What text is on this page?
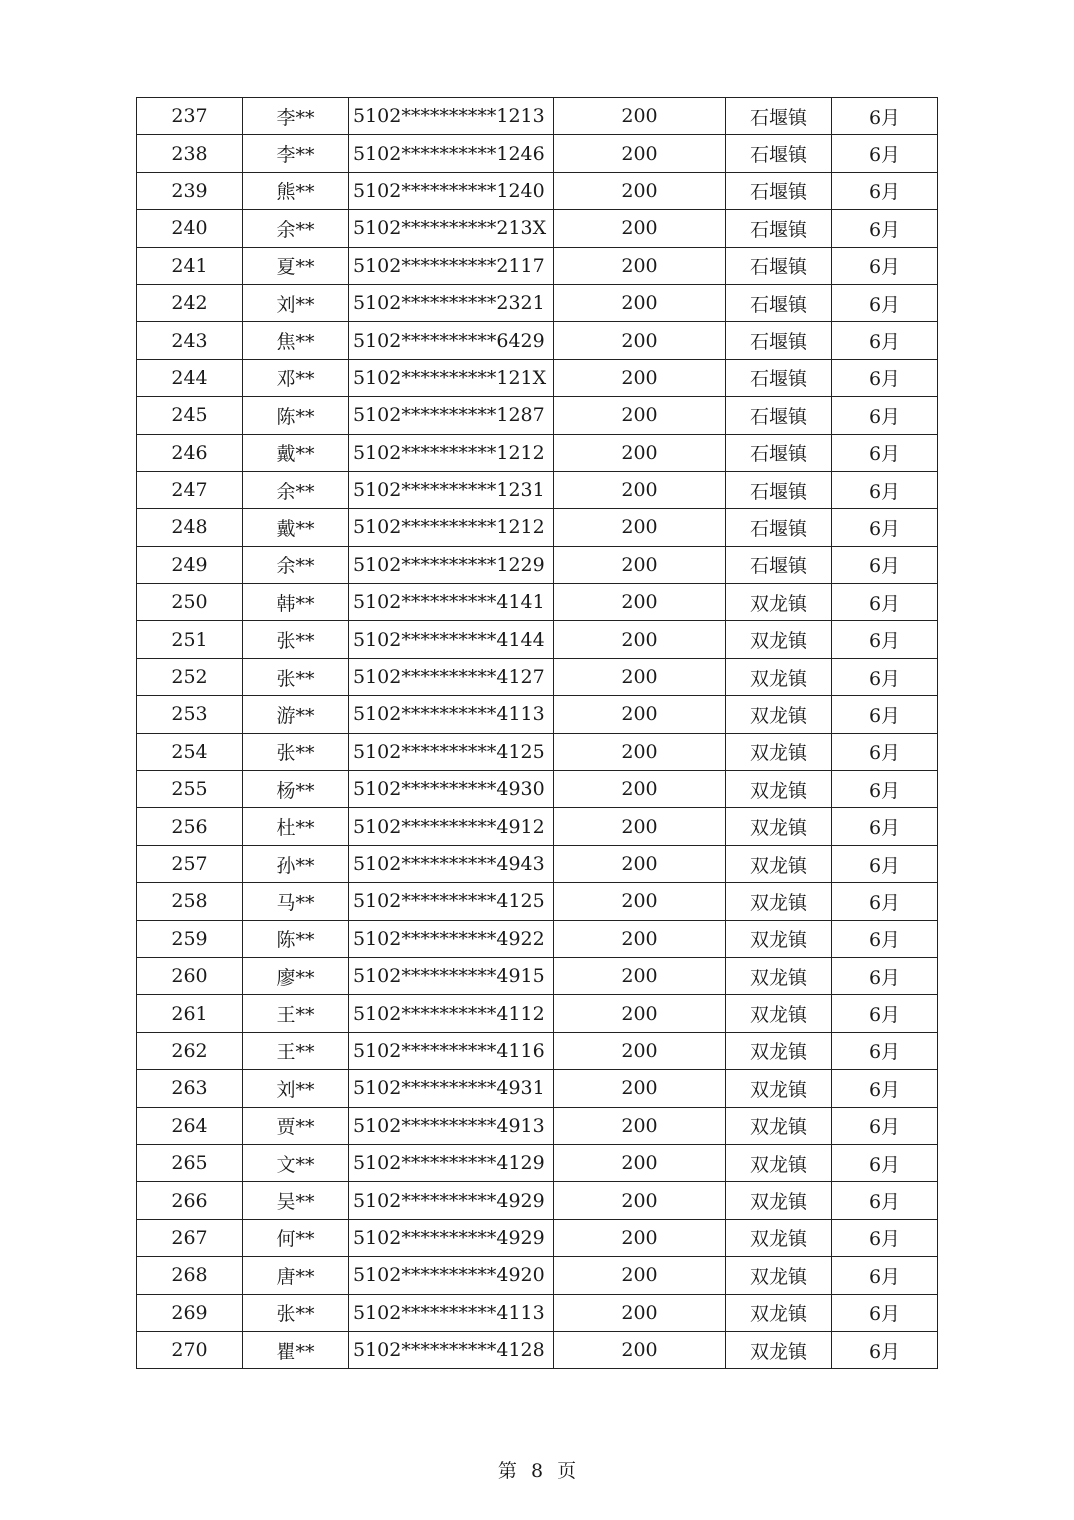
237	李**	5102**********1213	200	石堰镇	6月
238	李**	5102**********1246	200	石堰镇	6月
239	熊**	5102**********1240	200	石堰镇	6月
240	余**	5102**********213X	200	石堰镇	6月
241	夏**	5102**********2117	200	石堰镇	6月
242	刘**	5102**********2321	200	石堰镇	6月
243	焦**	5102**********6429	200	石堰镇	6月
244	邓**	5102**********121X	200	石堰镇	6月
245	陈**	5102**********1287	200	石堰镇	6月
246	戴**	5102**********1212	200	石堰镇	6月
247	余**	5102**********1231	200	石堰镇	6月
248	戴**	5102**********1212	200	石堰镇	6月
249	余**	5102**********1229	200	石堰镇	6月
250	韩**	5102**********4141	200	双龙镇	6月
251	张**	5102**********4144	200	双龙镇	6月
252	张**	5102**********4127	200	双龙镇	6月
253	游**	5102**********4113	200	双龙镇	6月
254	张**	5102**********4125	200	双龙镇	6月
255	杨**	5102**********4930	200	双龙镇	6月
256	杜**	5102**********4912	200	双龙镇	6月
257	孙**	5102**********4943	200	双龙镇	6月
258	马**	5102**********4125	200	双龙镇	6月
259	陈**	5102**********4922	200	双龙镇	6月
260	廖**	5102**********4915	200	双龙镇	6月
261	王**	5102**********4112	200	双龙镇	6月
262	王**	5102**********4116	200	双龙镇	6月
263	刘**	5102**********4931	200	双龙镇	6月
264	贾**	5102**********4913	200	双龙镇	6月
265	文**	5102**********4129	200	双龙镇	6月
266	吴**	5102**********4929	200	双龙镇	6月
267	何**	5102**********4929	200	双龙镇	6月
268	唐**	5102**********4920	200	双龙镇	6月
269	张**	5102**********4113	200	双龙镇	6月
270	瞿**	5102**********4128	200	双龙镇	6月
第 8 页
